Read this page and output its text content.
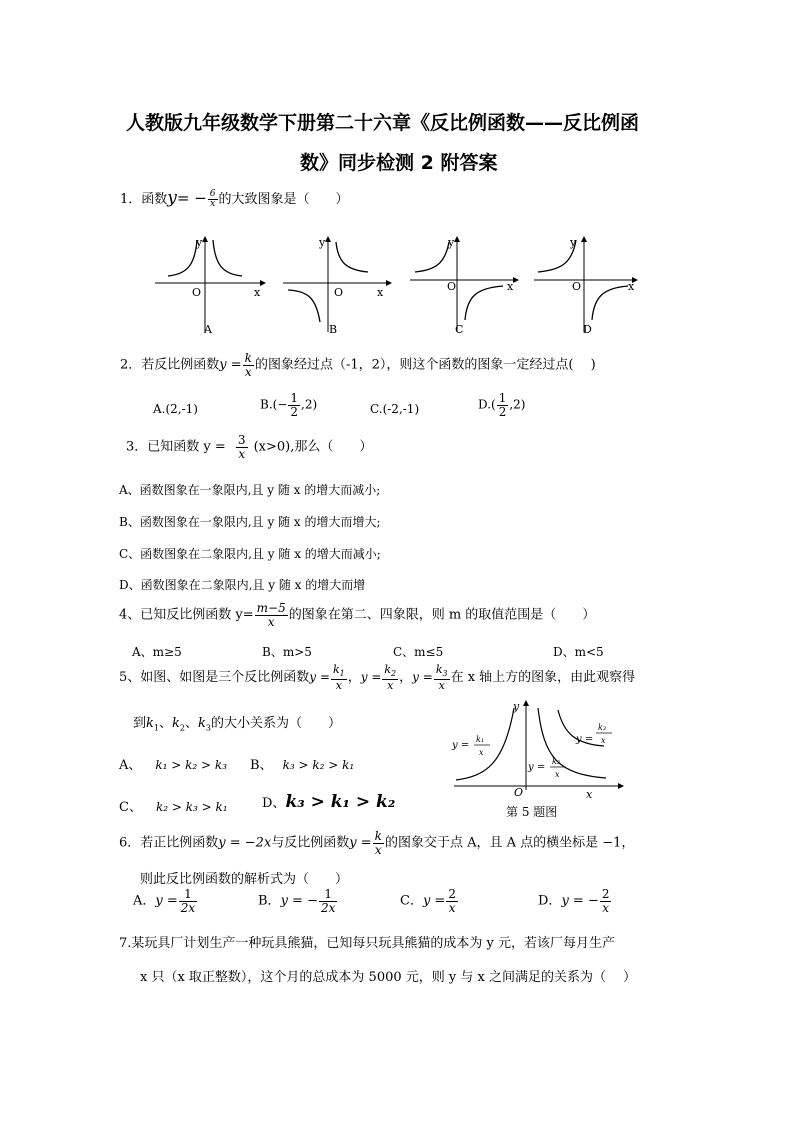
人教版九年级数学下册第二十六章《反比例函数——反比例函
数》同步检测 2 附答案
1．函数$y= - \frac{6}{x}$ 的大致图象是（　　）
y
O	x
A
y
O	x
B
y
O	x
C
y
O	x
D
2．若反比例函数$y = \frac{k}{x}$ 的图象经过点（-1，2），则这个函数的图象一定经过点(　 )
A.(2,-1)	$B.(- \frac{1}{2} ,2)$	C.(-2,-1)	$D.( \frac{1}{2} ,2)$
3．已知函数 $y = \frac{3}{x} (x>0)$,那么（　　）
A、函数图象在一象限内,且 y 随 x 的增大而减小;
B、函数图象在一象限内,且 y 随 x 的增大而增大;
C、函数图象在二象限内,且 y 随 x 的增大而减小;
D、函数图象在二象限内,且 y 随 x 的增大而增
4、已知反比例函数 $y= \frac{m-5}{x}$ 的图象在第二、四象限，则 m 的取值范围是（　　）
A、m≥5	B、m>5	C、m≤5	D、m<5
5、如图、如图是三个反比例函数$y = \frac{k_1}{x}$ ，$y = \frac{k_2}{x}$ ，$y = \frac{k_3}{x}$ 在 x 轴上方的图象，由此观察得
到$k_1$、$k_2$、$k_3$的大小关系为（　　）
A、 k₁ > k₂ > k₃ B、 k₃ > k₂ > k₁
C、 k₂ > k₃ > k₁	D、k₃ > k₁ > k₂
y
O	x
y =
k₁
x
y =
k₂
x
y =
k₃
x
第 5 题图
6．若正比例函数y = −2x与反比例函数$y = \frac{k}{x}$ 的图象交于点 A，且 A 点的横坐标是 −1，
则此反比例函数的解析式为（　　）
A．$y = \frac{1}{2x}$	B．y = − $\frac{1}{2x}$	C．$y = \frac{2}{x}$	D．y = − $\frac{2}{x}$
7.某玩具厂计划生产一种玩具熊猫，已知每只玩具熊猫的成本为 y 元，若该厂每月生产
x 只（x 取正整数），这个月的总成本为 5000 元，则 y 与 x 之间满足的关系为（　 ）
